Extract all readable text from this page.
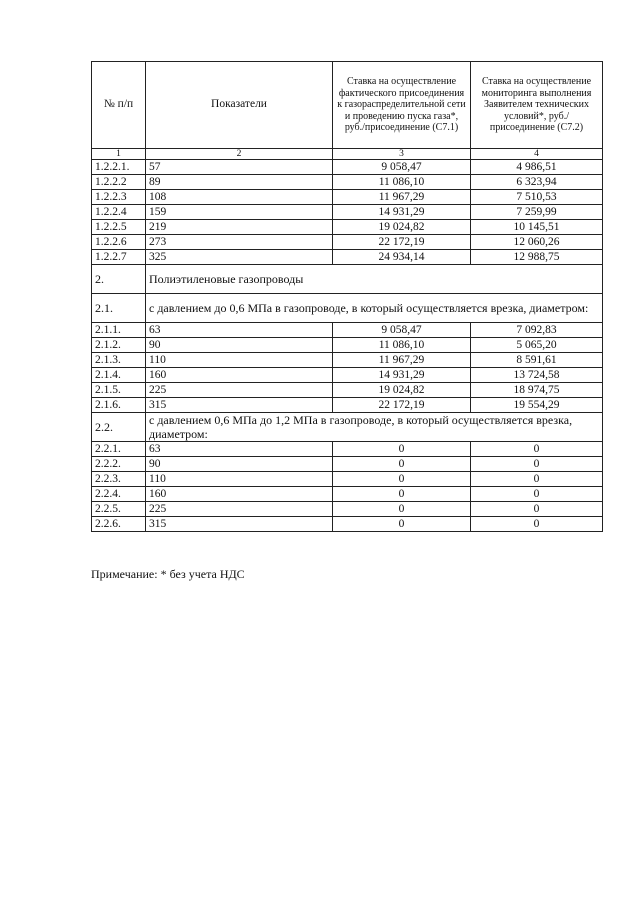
№ п/п	Показатели	Ставка на осуществление фактического присоединения к газораспределительной сети и проведению пуска газа*, руб./присоединение (С7.1)	Ставка на осуществление мониторинга выполнения Заявителем технических условий*, руб./присоединение (С7.2)
1	2	3	4
1.2.2.1.	57	9 058,47	4 986,51
1.2.2.2	89	11 086,10	6 323,94
1.2.2.3	108	11 967,29	7 510,53
1.2.2.4	159	14 931,29	7 259,99
1.2.2.5	219	19 024,82	10 145,51
1.2.2.6	273	22 172,19	12 060,26
1.2.2.7	325	24 934,14	12 988,75
2.	Полиэтиленовые газопроводы		
2.1.	с давлением до 0,6 МПа в газопроводе, в который осуществляется врезка, диаметром:		
2.1.1.	63	9 058,47	7 092,83
2.1.2.	90	11 086,10	5 065,20
2.1.3.	110	11 967,29	8 591,61
2.1.4.	160	14 931,29	13 724,58
2.1.5.	225	19 024,82	18 974,75
2.1.6.	315	22 172,19	19 554,29
2.2.	с давлением 0,6 МПа до 1,2 МПа в газопроводе, в который осуществляется врезка, диаметром:		
2.2.1.	63	0	0
2.2.2.	90	0	0
2.2.3.	110	0	0
2.2.4.	160	0	0
2.2.5.	225	0	0
2.2.6.	315	0	0
Примечание: * без учета НДС
